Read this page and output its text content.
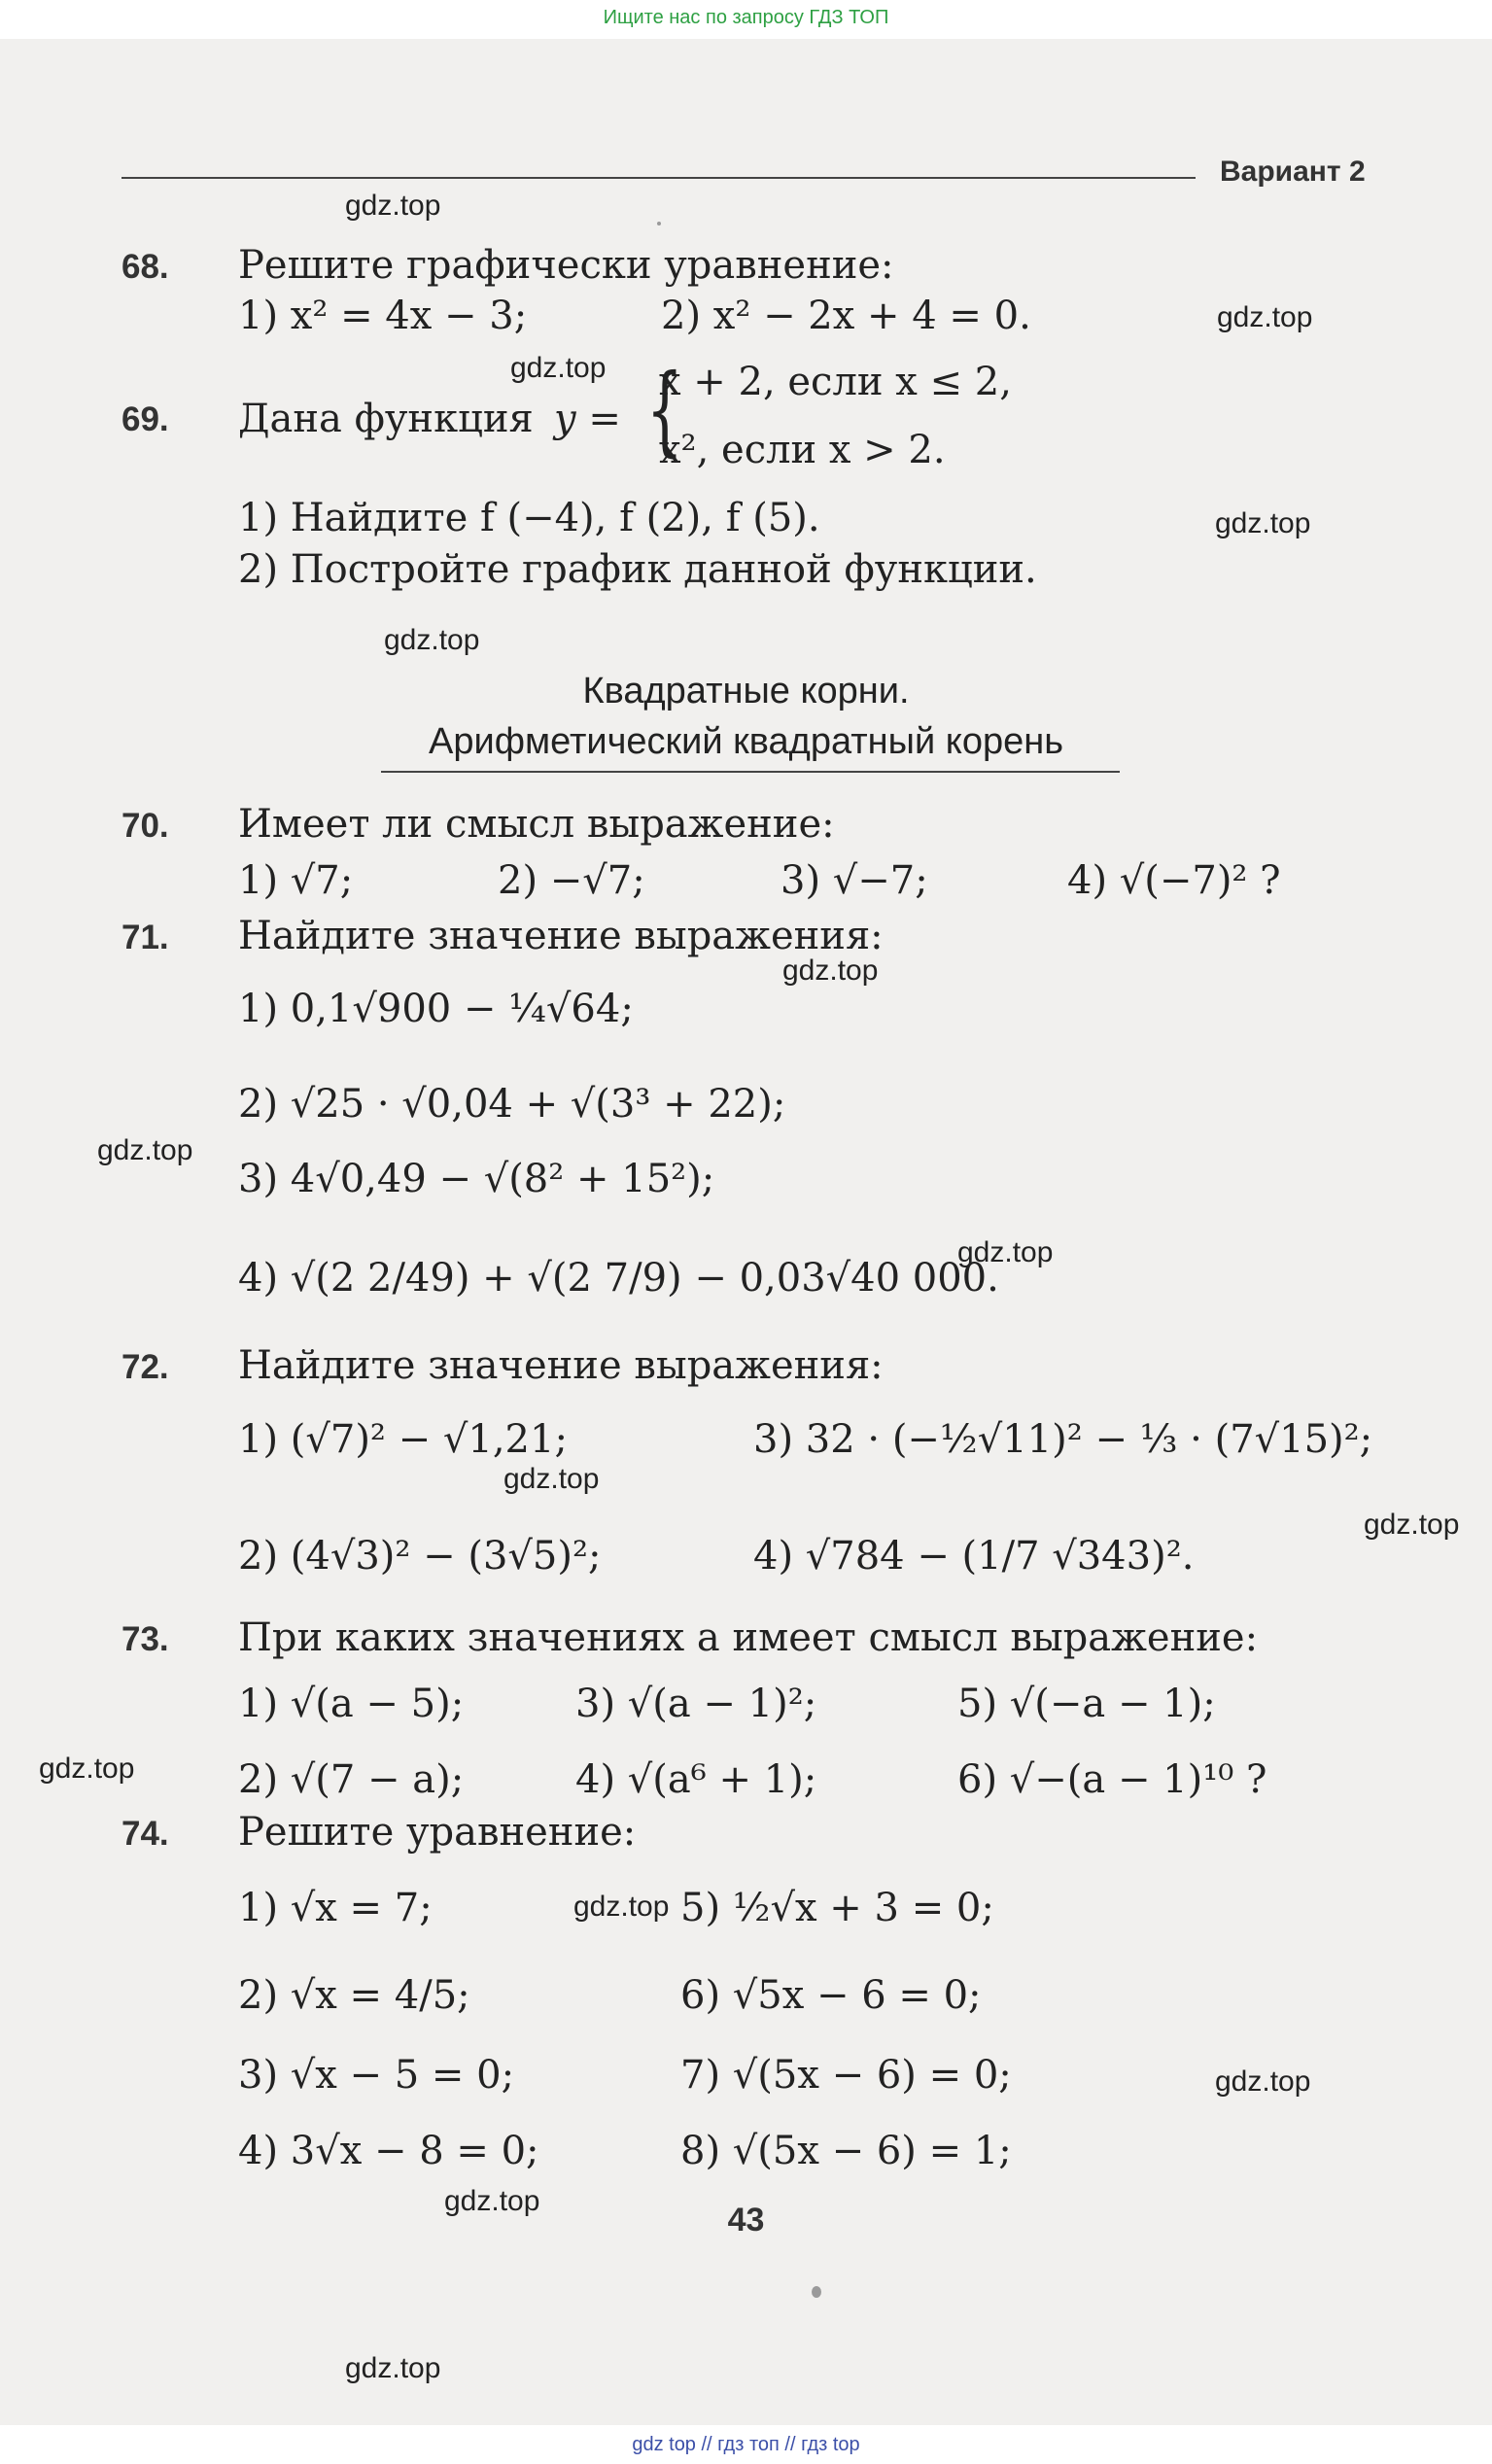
Ищите нас по запросу ГДЗ ТОП
Вариант 2
gdz.top
gdz.top
gdz.top
gdz.top
gdz.top
gdz.top
gdz.top
gdz.top
gdz.top
gdz.top
gdz.top
gdz.top
gdz.top
gdz.top
gdz.top
68. Решите графически уравнение:
1) x² = 4x − 3;	2) x² − 2x + 4 = 0.
69. Дана функция y = {
x + 2, если x ≤ 2,
x², если x > 2.
1) Найдите f (−4), f (2), f (5).
2) Постройте график данной функции.
Квадратные корни.
Арифметический квадратный корень
70. Имеет ли смысл выражение:
1) √7;	2) −√7;	3) √−7;	4) √(−7)² ?
71. Найдите значение выражения:
1) 0,1√900 − ¼√64;
2) √25 · √0,04 + √(3³ + 22);
3) 4√0,49 − √(8² + 15²);
4) √(2 2/49) + √(2 7/9) − 0,03√40 000.
72. Найдите значение выражения:
1) (√7)² − √1,21;	3) 32 · (−½√11)² − ⅓ · (7√15)²;
2) (4√3)² − (3√5)²;	4) √784 − (1/7 √343)².
73. При каких значениях a имеет смысл выражение:
1) √(a − 5);	3) √(a − 1)²;	5) √(−a − 1);
2) √(7 − a);	4) √(a⁶ + 1);	6) √−(a − 1)¹⁰ ?
74. Решите уравнение:
1) √x = 7;	5) ½√x + 3 = 0;
2) √x = 4/5;	6) √5x − 6 = 0;
3) √x − 5 = 0;	7) √(5x − 6) = 0;
4) 3√x − 8 = 0;	8) √(5x − 6) = 1;
43
gdz top // гдз топ // гдз top
